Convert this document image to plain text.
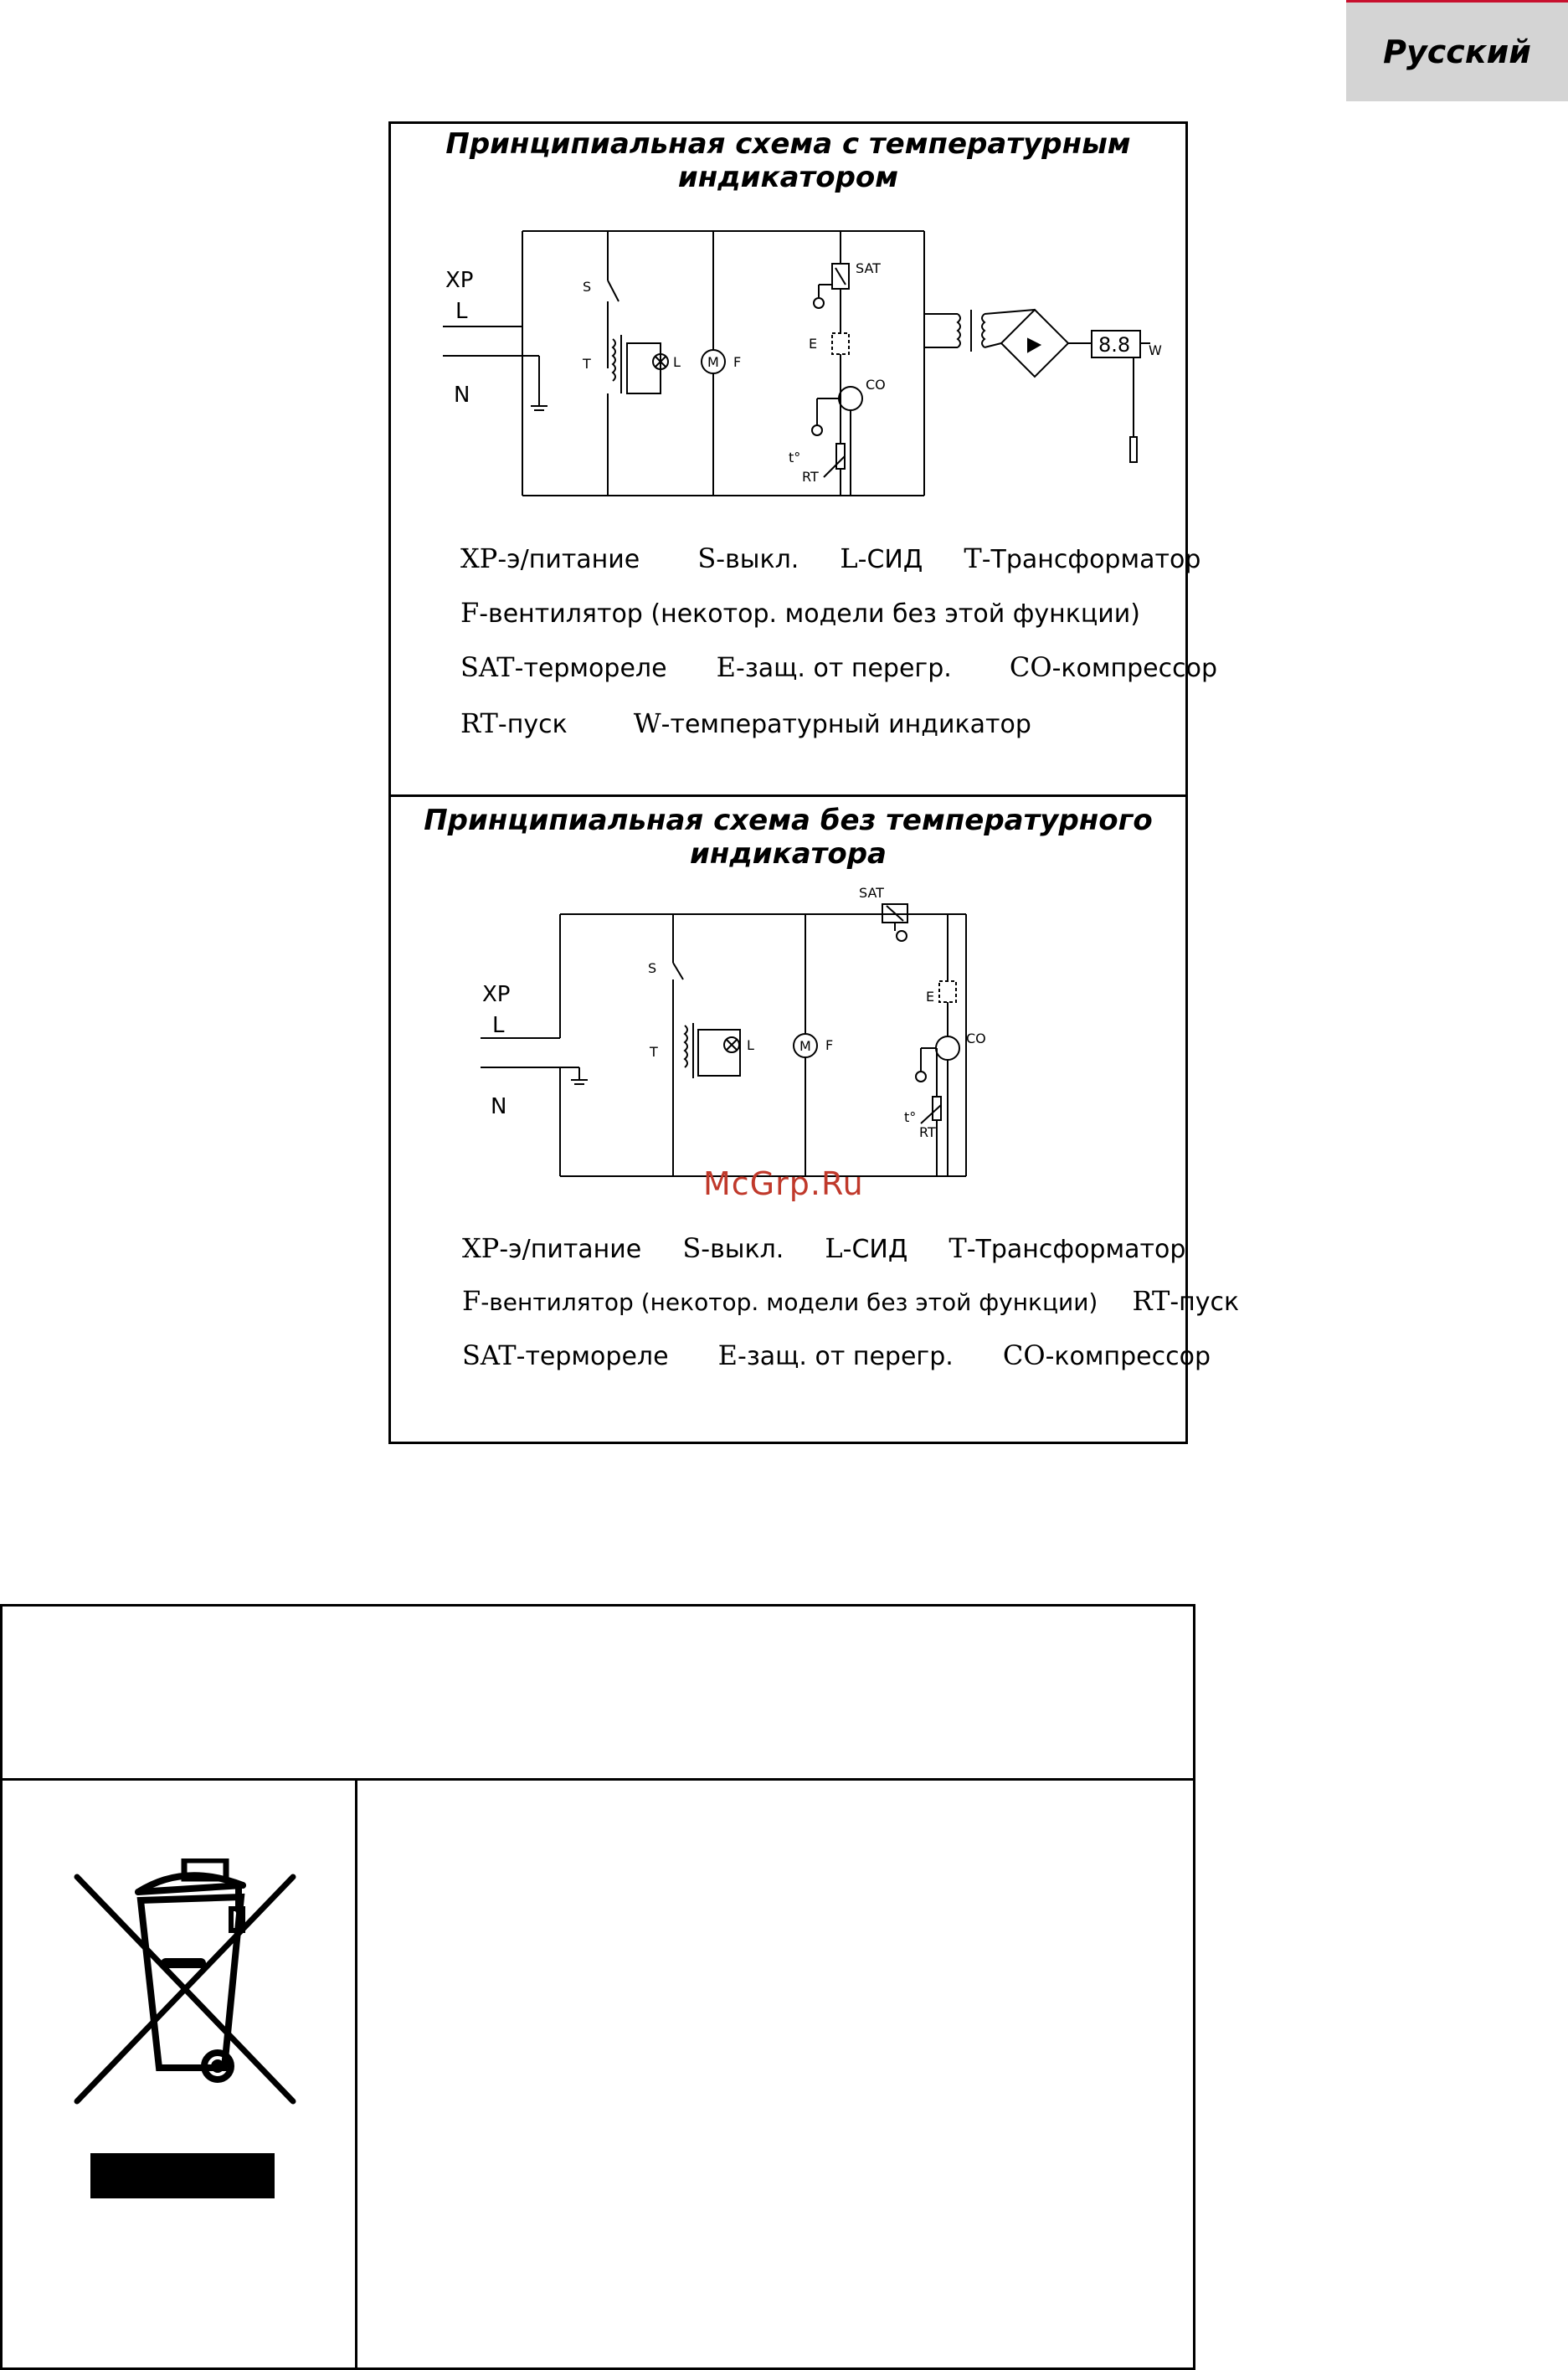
Русский
Принципиальная схема с температурным индикатором
XP
L
N
S
T	L M F
SAT
E
CO
t°
RT
W
8.8
XP-э/питание S-выкл. L-СИД T-Трансформатор
F-вентилятор (некотор. модели без этой функции)
SAT-термореле E-защ. от перегр. CO-компрессор
RT-пуск W-температурный индикатор
Принципиальная схема без температурного индикатора
XP
L
N
S
T	L	M F
SAT
E
CO
t°
RT
McGrp.Ru
XP-э/питание S-выкл. L-СИД T-Трансформатор
F-вентилятор (некотор. модели без этой функции) RT-пуск
SAT-термореле E-защ. от перегр. CO-компрессор
